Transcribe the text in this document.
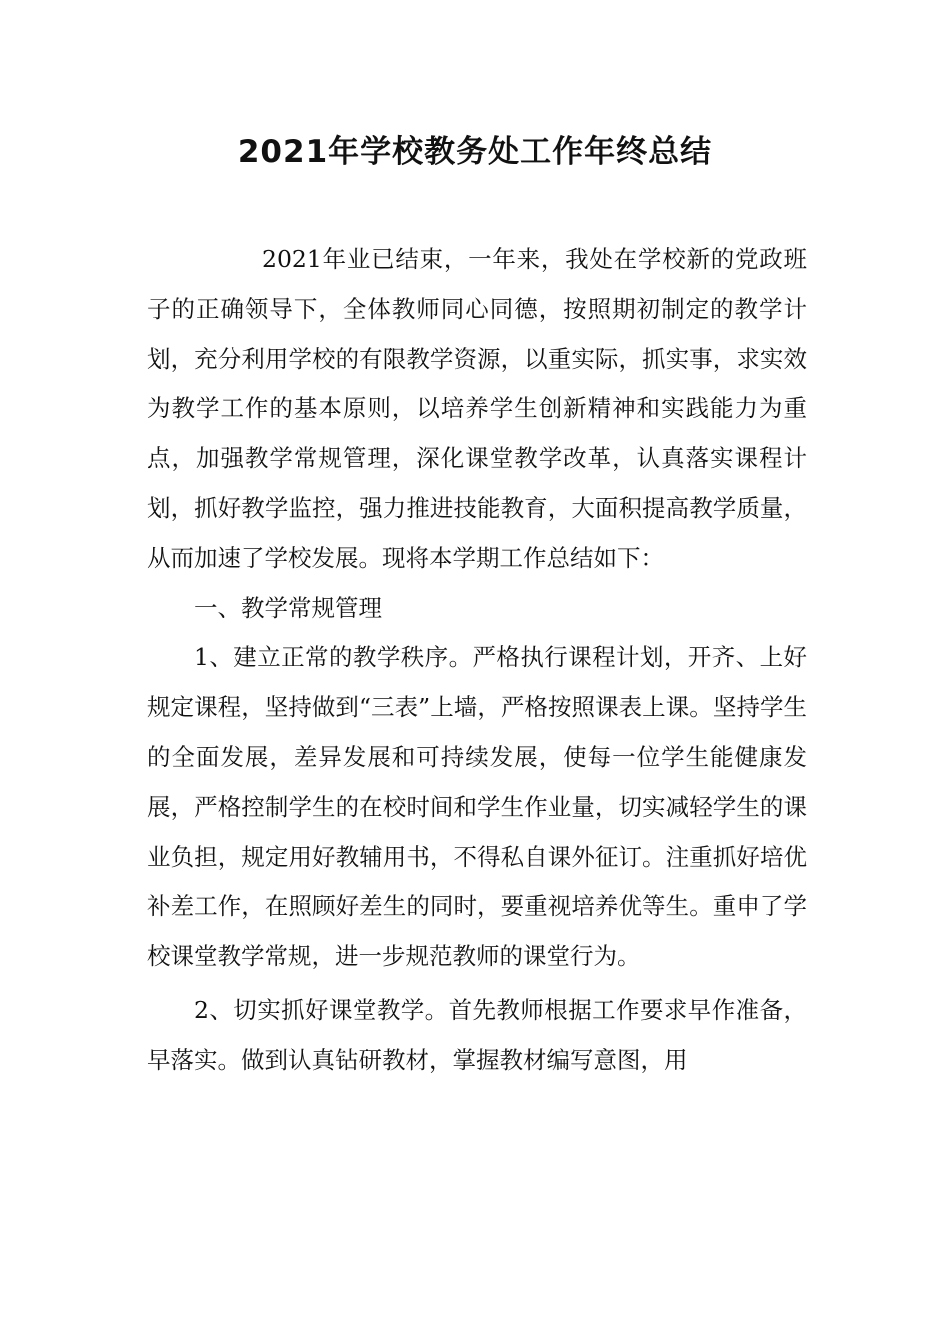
2021年学校教务处工作年终总结

2021年业已结束，一年来，我处在学校新的党政班子的正确领导下，全体教师同心同德，按照期初制定的教学计划，充分利用学校的有限教学资源，以重实际，抓实事，求实效为教学工作的基本原则，以培养学生创新精神和实践能力为重点，加强教学常规管理，深化课堂教学改革，认真落实课程计划，抓好教学监控，强力推进技能教育，大面积提高教学质量，从而加速了学校发展。现将本学期工作总结如下：

一、教学常规管理

1、建立正常的教学秩序。严格执行课程计划，开齐、上好规定课程，坚持做到“三表”上墙，严格按照课表上课。坚持学生的全面发展，差异发展和可持续发展，使每一位学生能健康发展，严格控制学生的在校时间和学生作业量，切实减轻学生的课业负担，规定用好教辅用书，不得私自课外征订。注重抓好培优补差工作，在照顾好差生的同时，要重视培养优等生。重申了学校课堂教学常规，进一步规范教师的课堂行为。

2、切实抓好课堂教学。首先教师根据工作要求早作准备，早落实。做到认真钻研教材，掌握教材编写意图，用
